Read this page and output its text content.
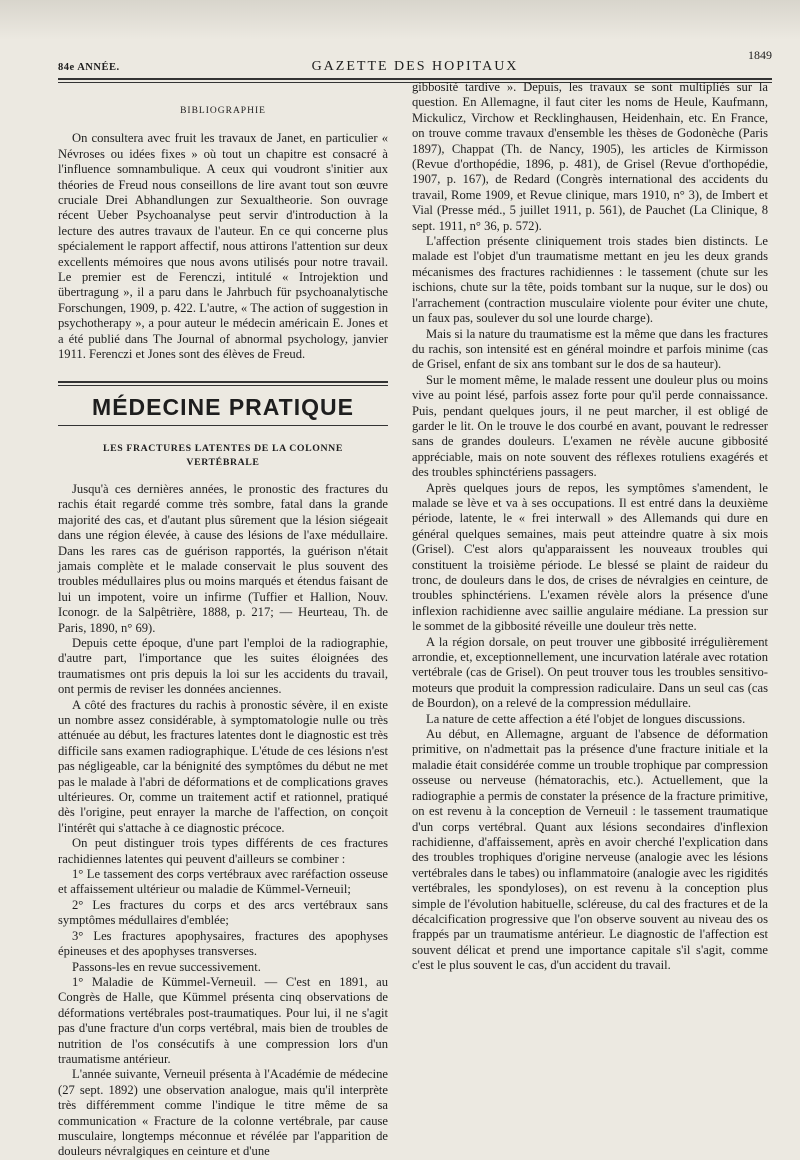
84e ANNÉE.	GAZETTE DES HOPITAUX
1849
BIBLIOGRAPHIE

On consultera avec fruit les travaux de Janet, en particulier « Névroses ou idées fixes » où tout un chapitre est consacré à l'influence somnambulique. A ceux qui voudront s'initier aux théories de Freud nous conseillons de lire avant tout son œuvre cruciale Drei Abhandlungen zur Sexualtheorie. Son ouvrage récent Ueber Psychoanalyse peut servir d'introduction à la lecture des autres travaux de l'auteur. En ce qui concerne plus spécialement le rapport affectif, nous attirons l'attention sur deux excellents mémoires que nous avons utilisés pour notre travail. Le premier est de Ferenczi, intitulé « Introjektion und übertragung », il a paru dans le Jahrbuch für psychoanalytische Forschungen, 1909, p. 422. L'autre, « The action of suggestion in psychotherapy », a pour auteur le médecin américain E. Jones et a été publié dans The Journal of abnormal psychology, janvier 1911. Ferenczi et Jones sont des élèves de Freud.

MÉDECINE PRATIQUE
LES FRACTURES LATENTES DE LA COLONNE
VERTÉBRALE

Jusqu'à ces dernières années, le pronostic des fractures du rachis était regardé comme très sombre, fatal dans la grande majorité des cas, et d'autant plus sûrement que la lésion siégeait dans une région élevée, à cause des lésions de l'axe médullaire. Dans les rares cas de guérison rapportés, la guérison n'était jamais complète et le malade conservait le plus souvent des troubles médullaires plus ou moins marqués et étendus faisant de lui un impotent, voire un infirme (Tuffier et Hallion, Nouv. Iconogr. de la Salpêtrière, 1888, p. 217; — Heurteau, Th. de Paris, 1890, n° 69).

Depuis cette époque, d'une part l'emploi de la radiographie, d'autre part, l'importance que les suites éloignées des traumatismes ont pris depuis la loi sur les accidents du travail, ont permis de reviser les données anciennes.

A côté des fractures du rachis à pronostic sévère, il en existe un nombre assez considérable, à symptomatologie nulle ou très atténuée au début, les fractures latentes dont le diagnostic est très difficile sans examen radiographique. L'étude de ces lésions n'est pas négligeable, car la bénignité des symptômes du début ne met pas le malade à l'abri de déformations et de complications graves ultérieures. Or, comme un traitement actif et rationnel, pratiqué dès l'origine, peut enrayer la marche de l'affection, on conçoit l'intérêt qui s'attache à ce diagnostic précoce.

On peut distinguer trois types différents de ces fractures rachidiennes latentes qui peuvent d'ailleurs se combiner :

1° Le tassement des corps vertébraux avec raréfaction osseuse et affaissement ultérieur ou maladie de Kümmel-Verneuil;

2° Les fractures du corps et des arcs vertébraux sans symptômes médullaires d'emblée;

3° Les fractures apophysaires, fractures des apophyses épineuses et des apophyses transverses.

Passons-les en revue successivement.

1° Maladie de Kümmel-Verneuil. — C'est en 1891, au Congrès de Halle, que Kümmel présenta cinq observations de déformations vertébrales post-traumatiques. Pour lui, il ne s'agit pas d'une fracture d'un corps vertébral, mais bien de troubles de nutrition de l'os consécutifs à une compression lors d'un traumatisme antérieur.

L'année suivante, Verneuil présenta à l'Académie de médecine (27 sept. 1892) une observation analogue, mais qu'il interprète très différemment comme l'indique le titre même de sa communication « Fracture de la colonne vertébrale, par cause musculaire, longtemps méconnue et révélée par l'apparition de douleurs névralgiques en ceinture et d'une

gibbosité tardive ». Depuis, les travaux se sont multipliés sur la question. En Allemagne, il faut citer les noms de Heule, Kaufmann, Mickulicz, Virchow et Recklinghausen, Heidenhain, etc. En France, on trouve comme travaux d'ensemble les thèses de Godonèche (Paris 1897), Chappat (Th. de Nancy, 1905), les articles de Kirmisson (Revue d'orthopédie, 1896, p. 481), de Grisel (Revue d'orthopédie, 1907, p. 167), de Redard (Congrès international des accidents du travail, Rome 1909, et Revue clinique, mars 1910, n° 3), de Imbert et Vial (Presse méd., 5 juillet 1911, p. 561), de Pauchet (La Clinique, 8 sept. 1911, n° 36, p. 572).

L'affection présente cliniquement trois stades bien distincts. Le malade est l'objet d'un traumatisme mettant en jeu les deux grands mécanismes des fractures rachidiennes : le tassement (chute sur les ischions, chute sur la tête, poids tombant sur la nuque, sur le dos) ou l'arrachement (contraction musculaire violente pour éviter une chute, un faux pas, soulever du sol une lourde charge).

Mais si la nature du traumatisme est la même que dans les fractures du rachis, son intensité est en général moindre et parfois minime (cas de Grisel, enfant de six ans tombant sur le dos de sa hauteur).

Sur le moment même, le malade ressent une douleur plus ou moins vive au point lésé, parfois assez forte pour qu'il perde connaissance. Puis, pendant quelques jours, il ne peut marcher, il est obligé de garder le lit. On le trouve le dos courbé en avant, pouvant le redresser sans de grandes douleurs. L'examen ne révèle aucune gibbosité appréciable, mais on note souvent des réflexes rotuliens exagérés et des troubles sphinctériens passagers.

Après quelques jours de repos, les symptômes s'amendent, le malade se lève et va à ses occupations. Il est entré dans la deuxième période, latente, le « frei interwall » des Allemands qui dure en général quelques semaines, mais peut atteindre quatre à six mois (Grisel). C'est alors qu'apparaissent les nouveaux troubles qui constituent la troisième période. Le blessé se plaint de raideur du tronc, de douleurs dans le dos, de crises de névralgies en ceinture, de troubles sphinctériens. L'examen révèle alors la présence d'une inflexion rachidienne avec saillie angulaire médiane. La pression sur le sommet de la gibbosité réveille une douleur très nette.

A la région dorsale, on peut trouver une gibbosité irrégulièrement arrondie, et, exceptionnellement, une incurvation latérale avec rotation vertébrale (cas de Grisel). On peut trouver tous les troubles sensitivo-moteurs que produit la compression radiculaire. Dans un seul cas (cas de Bourdon), on a relevé de la compression médullaire.

La nature de cette affection a été l'objet de longues discussions.

Au début, en Allemagne, arguant de l'absence de déformation primitive, on n'admettait pas la présence d'une fracture initiale et la maladie était considérée comme un trouble trophique par compression osseuse ou nerveuse (hématorachis, etc.). Actuellement, que la radiographie a permis de constater la présence de la fracture primitive, on est revenu à la conception de Verneuil : le tassement traumatique d'un corps vertébral. Quant aux lésions secondaires d'inflexion rachidienne, d'affaissement, après en avoir cherché l'explication dans des troubles trophiques d'origine nerveuse (analogie avec les lésions vertébrales dans le tabes) ou inflammatoire (analogie avec les rigidités vertébrales, les spondyloses), on est revenu à la conception plus simple de l'évolution habituelle, scléreuse, du cal des fractures et de la décalcification progressive que l'on observe souvent au niveau des os frappés par un traumatisme antérieur. Le diagnostic de l'affection est souvent délicat et prend une importance capitale s'il s'agit, comme c'est le plus souvent le cas, d'un accident du travail.
